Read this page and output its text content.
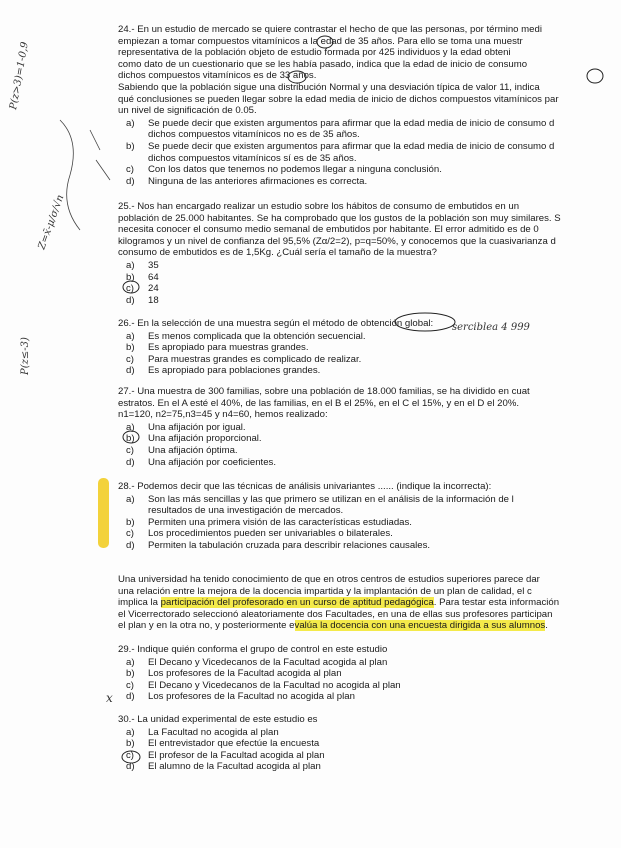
24.- En un estudio de mercado se quiere contrastar el hecho de que las personas, por término medi

empiezan a tomar compuestos vitamínicos a la edad de 35 años. Para ello se toma una muestr

representativa de la población objeto de estudio formada por 425 individuos y la edad obteni

como dato de un cuestionario que se les había pasado, indica que la edad de inicio de consumo

dichos compuestos vitamínicos es de 33 años.

Sabiendo que la población sigue una distribución Normal y una desviación típica de valor 11, indica

qué conclusiones se pueden llegar sobre la edad media de inicio de dichos compuestos vitamínicos par

un nivel de significación de 0.05.

a)	Se puede decir que existen argumentos para afirmar que la edad media de inicio de consumo d
dichos compuestos vitamínicos no es de 35 años.
b)	Se puede decir que existen argumentos para afirmar que la edad media de inicio de consumo d
dichos compuestos vitamínicos sí es de 35 años.
c)	Con los datos que tenemos no podemos llegar a ninguna conclusión.
d)	Ninguna de las anteriores afirmaciones es correcta.

25.- Nos han encargado realizar un estudio sobre los hábitos de consumo de embutidos en un

población de 25.000 habitantes. Se ha comprobado que los gustos de la población son muy similares. S

necesita conocer el consumo medio semanal de embutidos por habitante. El error admitido es de 0

kilogramos y un nivel de confianza del 95,5% (Zα/2=2), p=q=50%, y conocemos que la cuasivarianza d

consumo de embutidos es de 1,5Kg. ¿Cuál sería el tamaño de la muestra?

a)	35
b)	64
c)	24
d)	18

26.- En la selección de una muestra según el método de obtención global:

a)	Es menos complicada que la obtención secuencial.
b)	Es apropiado para muestras grandes.
c)	Para muestras grandes es complicado de realizar.
d)	Es apropiado para poblaciones grandes.

27.- Una muestra de 300 familias, sobre una población de 18.000 familias, se ha dividido en cuat

estratos. En el A esté el 40%, de las familias, en el B el 25%, en el C el 15%, y en el D el 20%.

n1=120, n2=75,n3=45 y n4=60, hemos realizado:

a)	Una afijación por igual.
b)	Una afijación proporcional.
c)	Una afijación óptima.
d)	Una afijación por coeficientes.

28.- Podemos decir que las técnicas de análisis univariantes ...... (indique la incorrecta):

a)	Son las más sencillas y las que primero se utilizan en el análisis de la información de l
resultados de una investigación de mercados.
b)	Permiten una primera visión de las características estudiadas.
c)	Los procedimientos pueden ser univariables o bilaterales.
d)	Permiten la tabulación cruzada para describir relaciones causales.

Una universidad ha tenido conocimiento de que en otros centros de estudios superiores parece dar

una relación entre la mejora de la docencia impartida y la implantación de un plan de calidad, el c

implica la participación del profesorado en un curso de aptitud pedagógica. Para testar esta información

el Vicerrectorado seleccionó aleatoriamente dos Facultades, en una de ellas sus profesores participan

el plan y en la otra no, y posteriormente evalúa la docencia con una encuesta dirigida a sus alumnos.

29.- Indique quién conforma el grupo de control en este estudio

a)	El Decano y Vicedecanos de la Facultad acogida al plan
b)	Los profesores de la Facultad acogida al plan
c)	El Decano y Vicedecanos de la Facultad no acogida al plan
d)	Los profesores de la Facultad no acogida al plan

30.- La unidad experimental de este estudio es

a)	La Facultad no acogida al plan
b)	El entrevistador que efectúe la encuesta
c)	El profesor de la Facultad acogida al plan
d)	El alumno de la Facultad acogida al plan
P(z>3)=1-0,9
Z=x̄-μ/σ/√n
P(z≤-3)
serciblea 4 999
x
